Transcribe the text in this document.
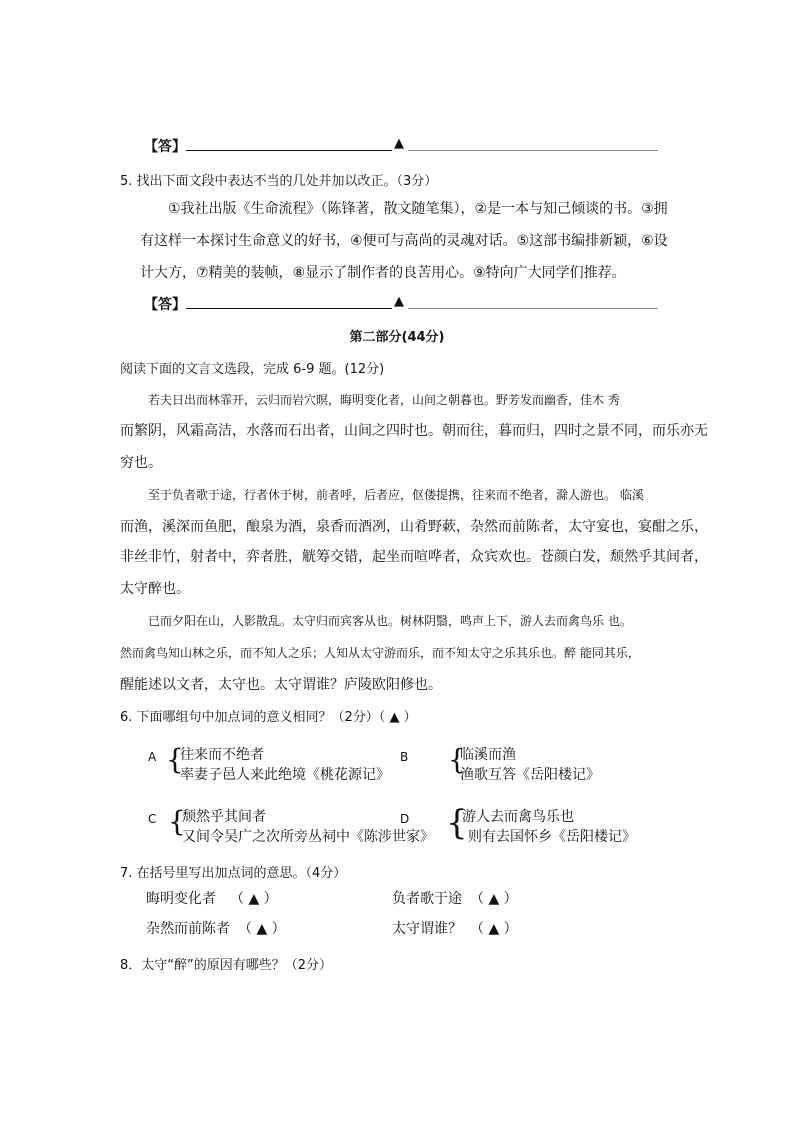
【答】	▲
5. 找出下面文段中表达不当的几处并加以改正。（3分）
①我社出版《生命流程》（陈锋著，散文随笔集），②是一本与知己倾谈的书。③拥
有这样一本探讨生命意义的好书，④便可与高尚的灵魂对话。⑤这部书编排新颖，⑥设
计大方，⑦精美的装帧，⑧显示了制作者的良苦用心。⑨特向广大同学们推荐。
【答】	▲
第二部分(44分)
阅读下面的文言文选段，完成 6-9 题。(12分)
若夫日出而林霏开，云归而岩穴暝，晦明变化者，山间之朝暮也。野芳发而幽香，佳木 秀
而繁阴，风霜高洁，水落而石出者，山间之四时也。朝而往，暮而归，四时之景不同，而乐亦无
穷也。
至于负者歌于途，行者休于树，前者呼，后者应，伛偻提携，往来而不绝者，滁人游也。 临溪
而渔，溪深而鱼肥，酿泉为酒，泉香而酒冽，山肴野蔌，杂然而前陈者，太守宴也，宴酣之乐，
非丝非竹，射者中，弈者胜，觥筹交错，起坐而喧哗者，众宾欢也。苍颜白发，颓然乎其间者，
太守醉也。
已而夕阳在山，人影散乱。太守归而宾客从也。树林阴翳，鸣声上下，游人去而禽鸟乐 也。
然而禽鸟知山林之乐，而不知人之乐；人知从太守游而乐，而不知太守之乐其乐也。醉 能同其乐，
醒能述以文者，太守也。太守谓谁？庐陵欧阳修也。
6. 下面哪组句中加点词的意义相同？（2分）（ ▲ ）
A {
往来而不绝者
率妻子邑人来此绝境《桃花源记》
B {
临溪而渔
渔歌互答《岳阳楼记》
C {
颓然乎其间者
又间令吴广之次所旁丛祠中《陈涉世家》
D {
游人去而禽鸟乐也
则有去国怀乡《岳阳楼记》
7. 在括号里写出加点词的意思。（4分）
晦明变化者 （ ▲ ）	负者歌于途 （ ▲ ）
杂然而前陈者 （ ▲ ）	太守谓谁？ （ ▲ ）
8．太守“醉”的原因有哪些？（2分）
